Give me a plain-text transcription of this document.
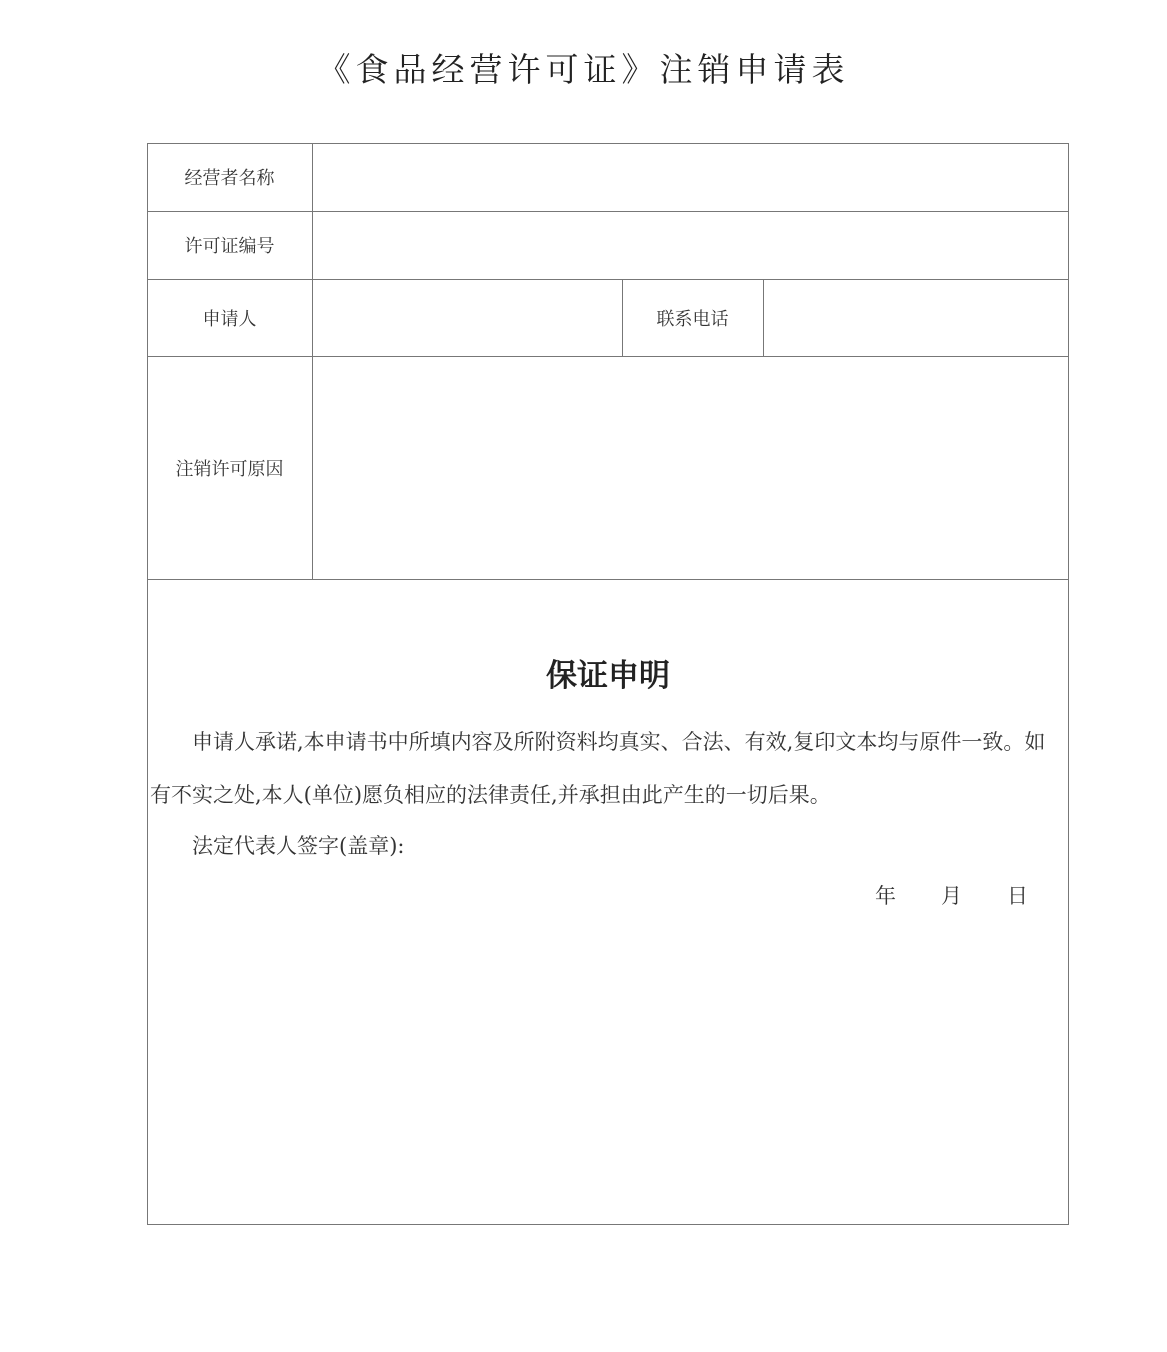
《食品经营许可证》注销申请表
经营者名称
许可证编号
申请人	联系电话
注销许可原因
保证申明
申请人承诺,本申请书中所填内容及所附资料均真实、合法、有效,复印文本均与原件一致。如
有不实之处,本人(单位)愿负相应的法律责任,并承担由此产生的一切后果。
法定代表人签字(盖章):
年 月 日
